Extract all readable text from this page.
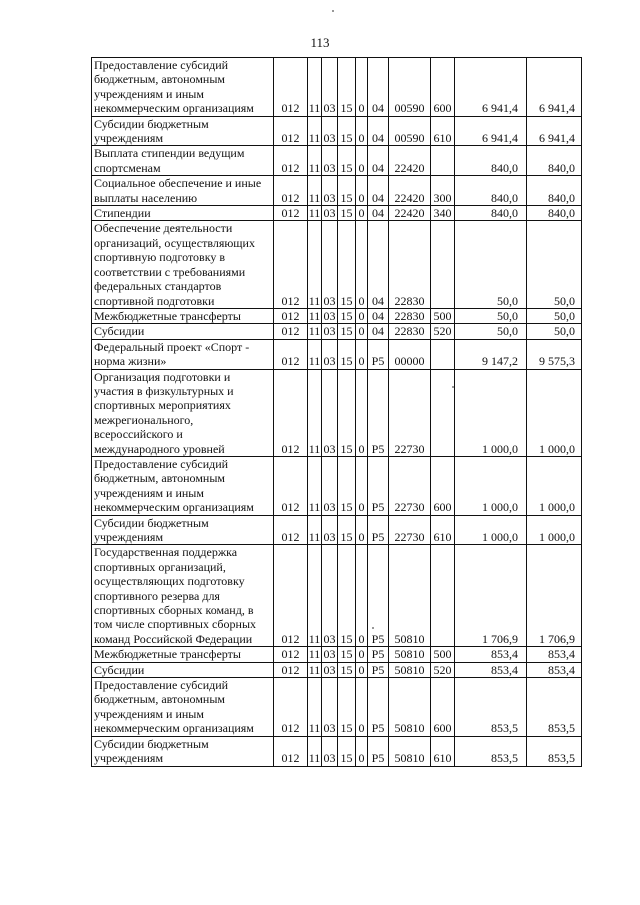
113
Предоставление субсидий бюджетным, автономным учреждениям и иным некоммерческим организациям	012	11	03	15	0	04	00590	600	6 941,4	6 941,4
Субсидии бюджетным учреждениям	012	11	03	15	0	04	00590	610	6 941,4	6 941,4
Выплата стипендии ведущим спортсменам	012	11	03	15	0	04	22420		840,0	840,0
Социальное обеспечение и иные выплаты населению	012	11	03	15	0	04	22420	300	840,0	840,0
Стипендии	012	11	03	15	0	04	22420	340	840,0	840,0
Обеспечение деятельности организаций, осуществляющих спортивную подготовку в соответствии с требованиями федеральных стандартов спортивной подготовки	012	11	03	15	0	04	22830		50,0	50,0
Межбюджетные трансферты	012	11	03	15	0	04	22830	500	50,0	50,0
Субсидии	012	11	03	15	0	04	22830	520	50,0	50,0
Федеральный проект «Спорт - норма жизни»	012	11	03	15	0	P5	00000		9 147,2	9 575,3
Организация подготовки и участия в физкультурных и спортивных мероприятиях межрегионального, всероссийского и международного уровней	012	11	03	15	0	P5	22730		1 000,0	1 000,0
Предоставление субсидий бюджетным, автономным учреждениям и иным некоммерческим организациям	012	11	03	15	0	P5	22730	600	1 000,0	1 000,0
Субсидии бюджетным учреждениям	012	11	03	15	0	P5	22730	610	1 000,0	1 000,0
Государственная поддержка спортивных организаций, осуществляющих подготовку спортивного резерва для спортивных сборных команд, в том числе спортивных сборных команд Российской Федерации	012	11	03	15	0	P5	50810		1 706,9	1 706,9
Межбюджетные трансферты	012	11	03	15	0	P5	50810	500	853,4	853,4
Субсидии	012	11	03	15	0	P5	50810	520	853,4	853,4
Предоставление субсидий бюджетным, автономным учреждениям и иным некоммерческим организациям	012	11	03	15	0	P5	50810	600	853,5	853,5
Субсидии бюджетным учреждениям	012	11	03	15	0	P5	50810	610	853,5	853,5
